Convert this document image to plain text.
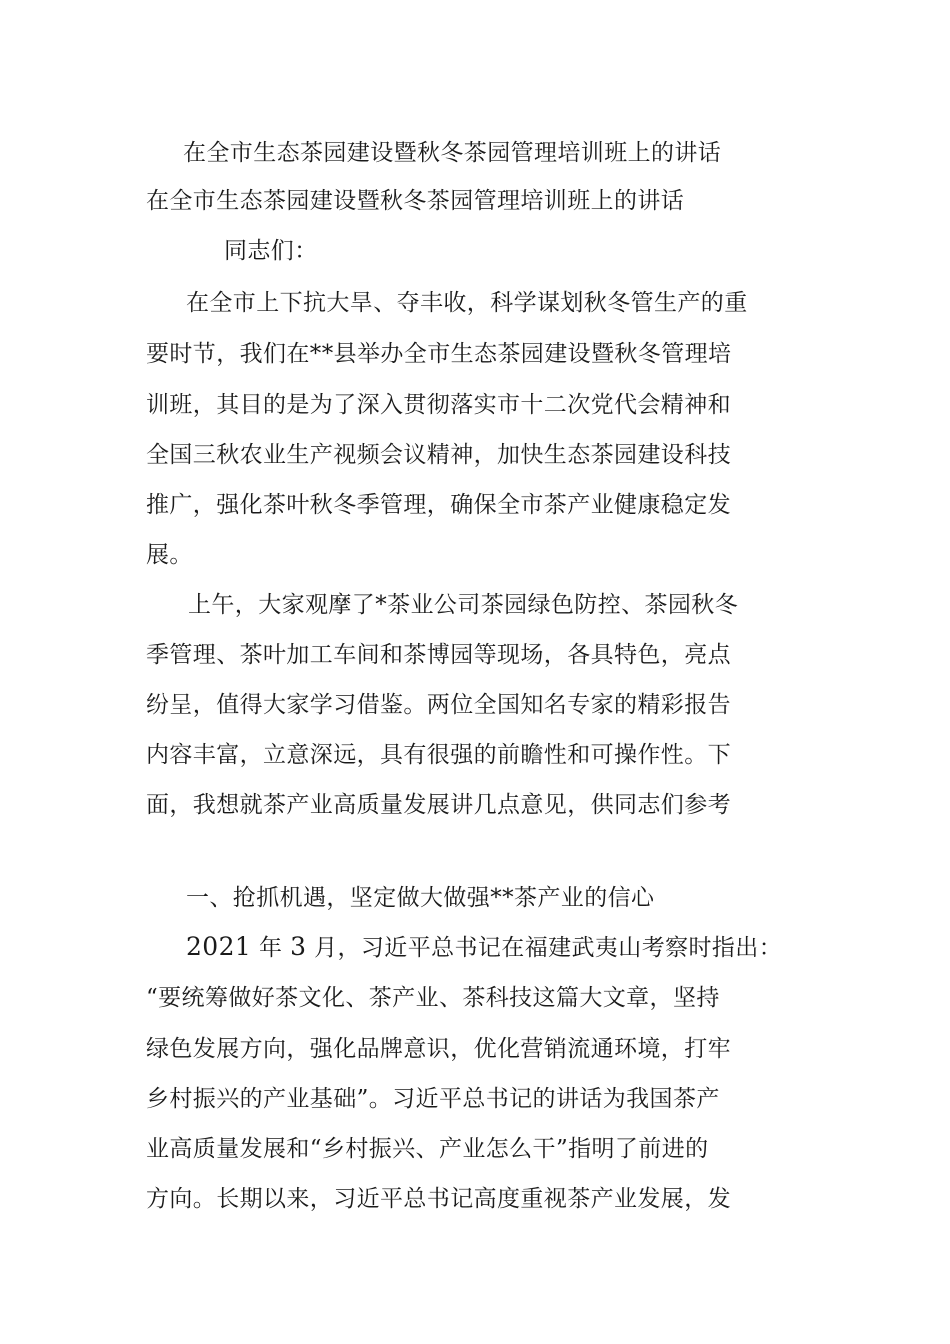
在全市生态茶园建设暨秋冬茶园管理培训班上的讲话

在全市生态茶园建设暨秋冬茶园管理培训班上的讲话

同志们：

在全市上下抗大旱、夺丰收，科学谋划秋冬管生产的重

要时节，我们在**县举办全市生态茶园建设暨秋冬管理培

训班，其目的是为了深入贯彻落实市十二次党代会精神和

全国三秋农业生产视频会议精神，加快生态茶园建设科技

推广，强化茶叶秋冬季管理，确保全市茶产业健康稳定发

展。

上午，大家观摩了*茶业公司茶园绿色防控、茶园秋冬

季管理、茶叶加工车间和茶博园等现场，各具特色，亮点

纷呈，值得大家学习借鉴。两位全国知名专家的精彩报告

内容丰富，立意深远，具有很强的前瞻性和可操作性。下

面，我想就茶产业高质量发展讲几点意见，供同志们参考

一、抢抓机遇，坚定做大做强**茶产业的信心

2021 年 3 月，习近平总书记在福建武夷山考察时指出：

“要统筹做好茶文化、茶产业、茶科技这篇大文章，坚持

绿色发展方向，强化品牌意识，优化营销流通环境，打牢

乡村振兴的产业基础”。习近平总书记的讲话为我国茶产

业高质量发展和“乡村振兴、产业怎么干”指明了前进的

方向。长期以来，习近平总书记高度重视茶产业发展，发
